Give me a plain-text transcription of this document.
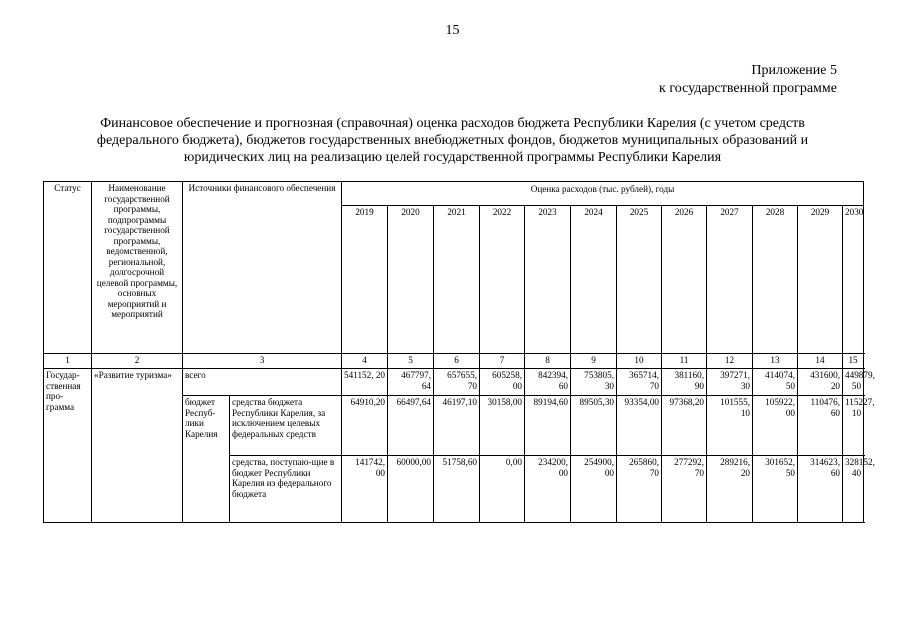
15
Приложение 5
к государственной программе
Финансовое обеспечение и прогнозная (справочная) оценка расходов бюджета Республики Карелия (с учетом средств
федерального бюджета), бюджетов государственных внебюджетных фондов, бюджетов муниципальных образований и
юридических лиц на реализацию целей государственной программы Республики Карелия
Статус	Наименование государственной программы, подпрограммы государственной программы, ведомственной, региональной, долгосрочной целевой программы, основных мероприятий и мероприятий	Источники финансового обеспечения		Оценка расходов (тыс. рублей), годы											
				2019	2020	2021	2022	2023	2024	2025	2026	2027	2028	2029	2030
1	2	3		4	5	6	7	8	9	10	11	12	13	14	15
Государ-ственная про-грамма	«Развитие туризма»	всего		541152, 20	467797, 64	657655, 70	605258, 00	842394, 60	753805, 30	365714, 70	381160, 90	397271, 30	414074, 50	431600, 20	449879, 50
		бюджет Респуб-лики Карелия	средства бюджета Республики Карелия, за исключением целевых федеральных средств	64910,20	66497,64	46197,10	30158,00	89194,60	89505,30	93354,00	97368,20	101555, 10	105922, 00	110476, 60	115227, 10
			средства, поступаю-щие в бюджет Республики Карелия из федерального бюджета	141742, 00	60000,00	51758,60	0,00	234200, 00	254900, 00	265860, 70	277292, 70	289216, 20	301652, 50	314623, 60	328152, 40
